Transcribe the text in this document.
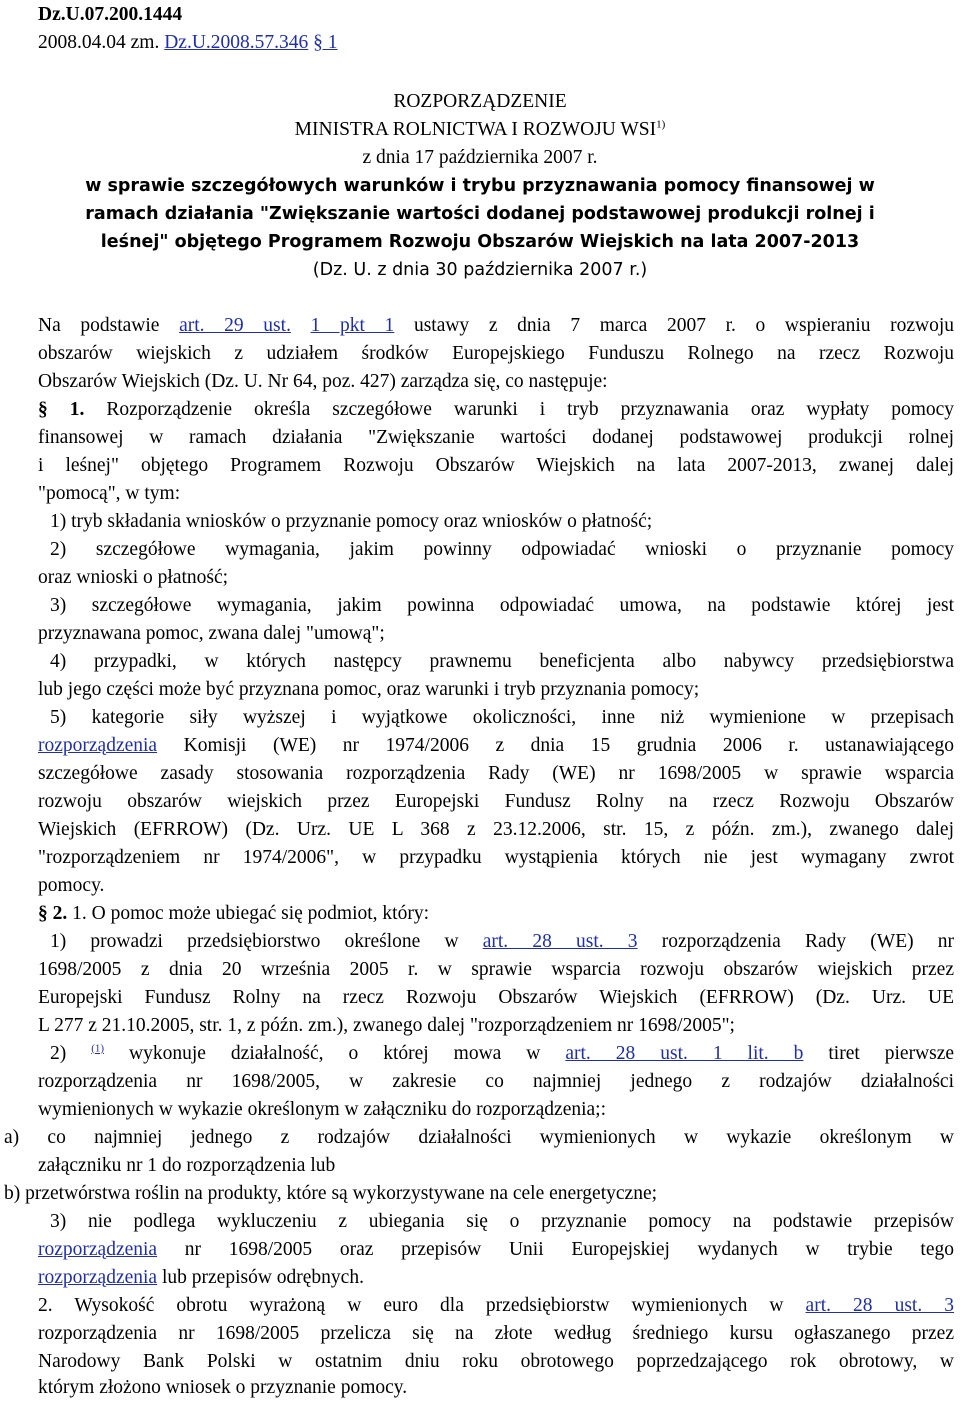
Dz.U.07.200.1444
2008.04.04 zm. Dz.U.2008.57.346 § 1
ROZPORZĄDZENIE
MINISTRA ROLNICTWA I ROZWOJU WSI$^{1)}$
z dnia 17 października 2007 r.
w sprawie szczegółowych warunków i trybu przyznawania pomocy finansowej w
ramach działania "Zwiększanie wartości dodanej podstawowej produkcji rolnej i
leśnej" objętego Programem Rozwoju Obszarów Wiejskich na lata 2007-2013
(Dz. U. z dnia 30 października 2007 r.)
Na podstawie art. 29 ust. 1 pkt 1 ustawy z dnia 7 marca 2007 r. o wspieraniu rozwoju
obszarów wiejskich z udziałem środków Europejskiego Funduszu Rolnego na rzecz Rozwoju
Obszarów Wiejskich (Dz. U. Nr 64, poz. 427) zarządza się, co następuje:
§ 1. Rozporządzenie określa szczegółowe warunki i tryb przyznawania oraz wypłaty pomocy
finansowej w ramach działania "Zwiększanie wartości dodanej podstawowej produkcji rolnej
i leśnej" objętego Programem Rozwoju Obszarów Wiejskich na lata 2007-2013, zwanej dalej
"pomocą", w tym:
1) tryb składania wniosków o przyznanie pomocy oraz wniosków o płatność;
2) szczegółowe wymagania, jakim powinny odpowiadać wnioski o przyznanie pomocy
oraz wnioski o płatność;
3) szczegółowe wymagania, jakim powinna odpowiadać umowa, na podstawie której jest
przyznawana pomoc, zwana dalej "umową";
4) przypadki, w których następcy prawnemu beneficjenta albo nabywcy przedsiębiorstwa
lub jego części może być przyznana pomoc, oraz warunki i tryb przyznania pomocy;
5) kategorie siły wyższej i wyjątkowe okoliczności, inne niż wymienione w przepisach
rozporządzenia Komisji (WE) nr 1974/2006 z dnia 15 grudnia 2006 r. ustanawiającego
szczegółowe zasady stosowania rozporządzenia Rady (WE) nr 1698/2005 w sprawie wsparcia
rozwoju obszarów wiejskich przez Europejski Fundusz Rolny na rzecz Rozwoju Obszarów
Wiejskich (EFRROW) (Dz. Urz. UE L 368 z 23.12.2006, str. 15, z późn. zm.), zwanego dalej
"rozporządzeniem nr 1974/2006", w przypadku wystąpienia których nie jest wymagany zwrot
pomocy.
§ 2. 1. O pomoc może ubiegać się podmiot, który:
1) prowadzi przedsiębiorstwo określone w art. 28 ust. 3 rozporządzenia Rady (WE) nr
1698/2005 z dnia 20 września 2005 r. w sprawie wsparcia rozwoju obszarów wiejskich przez
Europejski Fundusz Rolny na rzecz Rozwoju Obszarów Wiejskich (EFRROW) (Dz. Urz. UE
L 277 z 21.10.2005, str. 1, z późn. zm.), zwanego dalej "rozporządzeniem nr 1698/2005";
2) $^{(1)}$ wykonuje działalność, o której mowa w art. 28 ust. 1 lit. b tiret pierwsze
rozporządzenia nr 1698/2005, w zakresie co najmniej jednego z rodzajów działalności
wymienionych w wykazie określonym w załączniku do rozporządzenia;:
a) co najmniej jednego z rodzajów działalności wymienionych w wykazie określonym w
załączniku nr 1 do rozporządzenia lub
b) przetwórstwa roślin na produkty, które są wykorzystywane na cele energetyczne;
3) nie podlega wykluczeniu z ubiegania się o przyznanie pomocy na podstawie przepisów
rozporządzenia nr 1698/2005 oraz przepisów Unii Europejskiej wydanych w trybie tego
rozporządzenia lub przepisów odrębnych.
2. Wysokość obrotu wyrażoną w euro dla przedsiębiorstw wymienionych w art. 28 ust. 3
rozporządzenia nr 1698/2005 przelicza się na złote według średniego kursu ogłaszanego przez
Narodowy Bank Polski w ostatnim dniu roku obrotowego poprzedzającego rok obrotowy, w
którym złożono wniosek o przyznanie pomocy.
